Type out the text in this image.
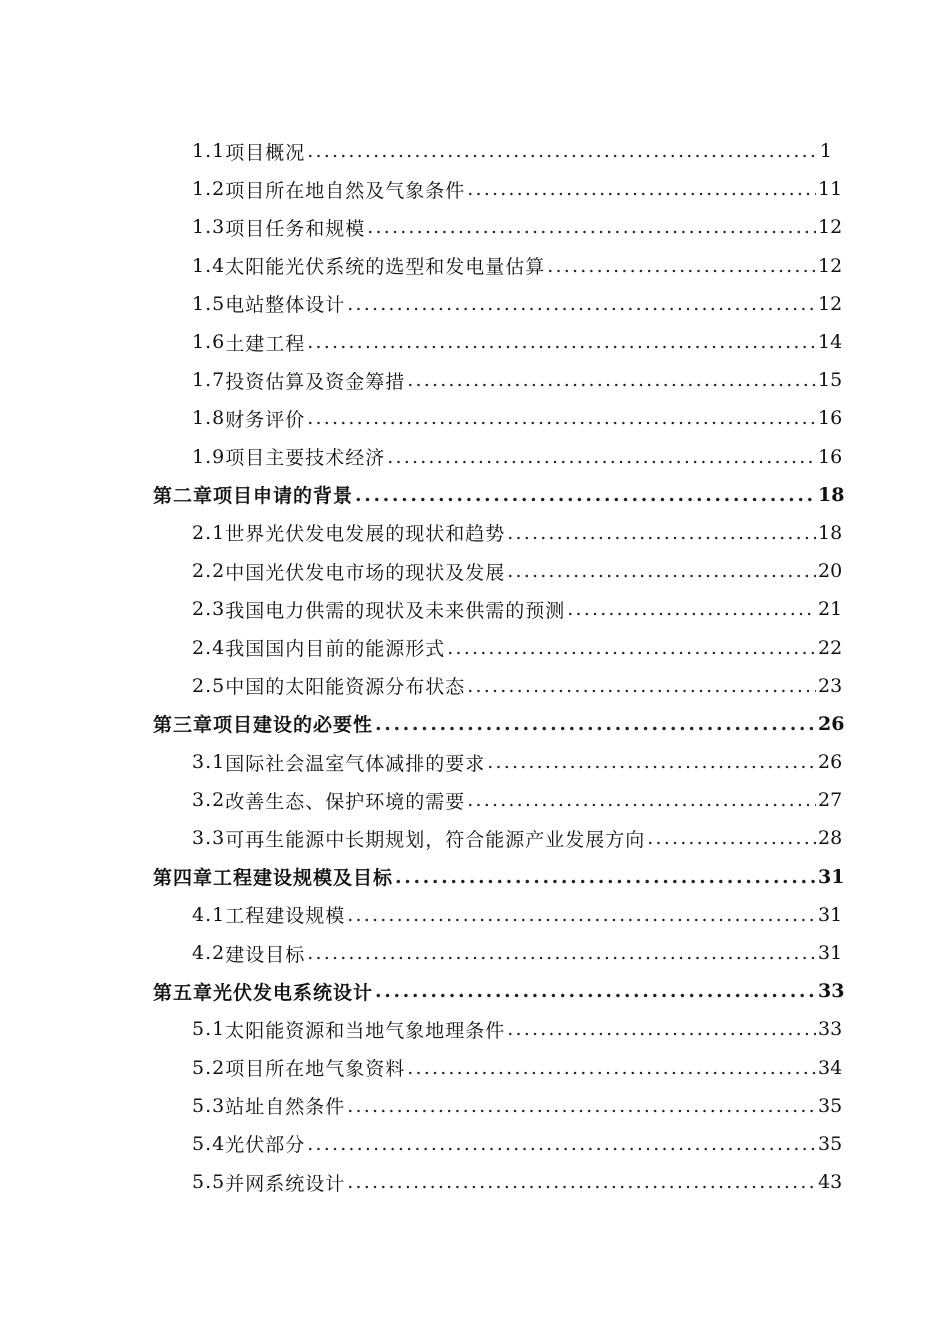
1.1 项目概况 .....	1
1.2 项目所在地自然及气象条件 .....	11
1.3 项目任务和规模 .....	12
1.4 太阳能光伏系统的选型和发电量估算 .....	12
1.5 电站整体设计 .....	12
1.6 土建工程 .....	14
1.7 投资估算及资金筹措 .....	15
1.8 财务评价 .....	16
1.9 项目主要技术经济 .....	16
第二章 项目申请的背景 .....	18
2.1 世界光伏发电发展的现状和趋势 .....	18
2.2 中国光伏发电市场的现状及发展 .....	20
2.3 我国电力供需的现状及未来供需的预测 .....	21
2.4 我国国内目前的能源形式 .....	22
2.5 中国的太阳能资源分布状态 .....	23
第三章 项目建设的必要性 .....	26
3.1 国际社会温室气体减排的要求 .....	26
3.2 改善生态、保护环境的需要 .....	27
3.3 可再生能源中长期规划，符合能源产业发展方向 .....	28
第四章 工程建设规模及目标 .....	31
4.1 工程建设规模 .....	31
4.2 建设目标 .....	31
第五章 光伏发电系统设计 .....	33
5.1 太阳能资源和当地气象地理条件 .....	33
5.2 项目所在地气象资料 .....	34
5.3 站址自然条件 .....	35
5.4 光伏部分 .....	35
5.5 并网系统设计 .....	43
